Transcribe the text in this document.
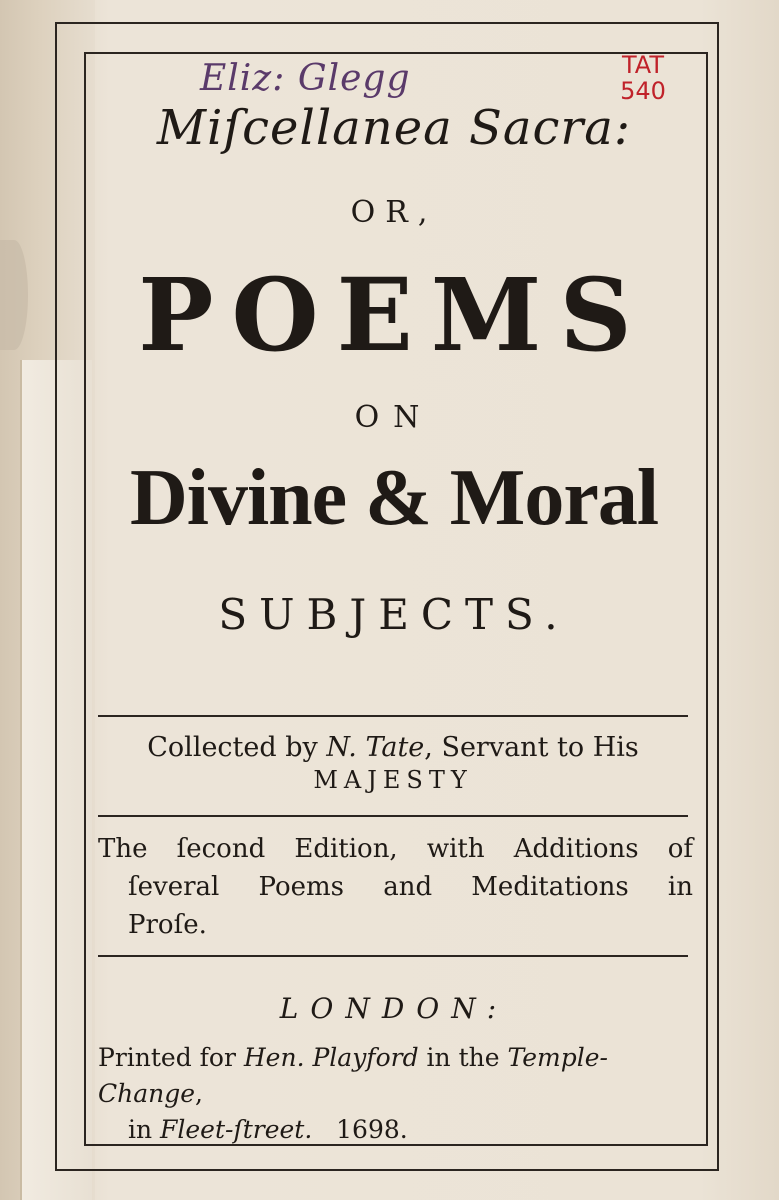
Eliz: Glegg	TAT
540
Miſcellanea Sacra:
OR,
POEMS
ON
Divine & Moral
SUBJECTS.
Collected by N. Tate, Servant to His
MAJESTY
The ſecond Edition, with Additions of
ſeveral Poems and Meditations in
Proſe.
LONDON:
Printed for Hen. Playford in the Temple-Change,
in Fleet-ſtreet. 1698.
